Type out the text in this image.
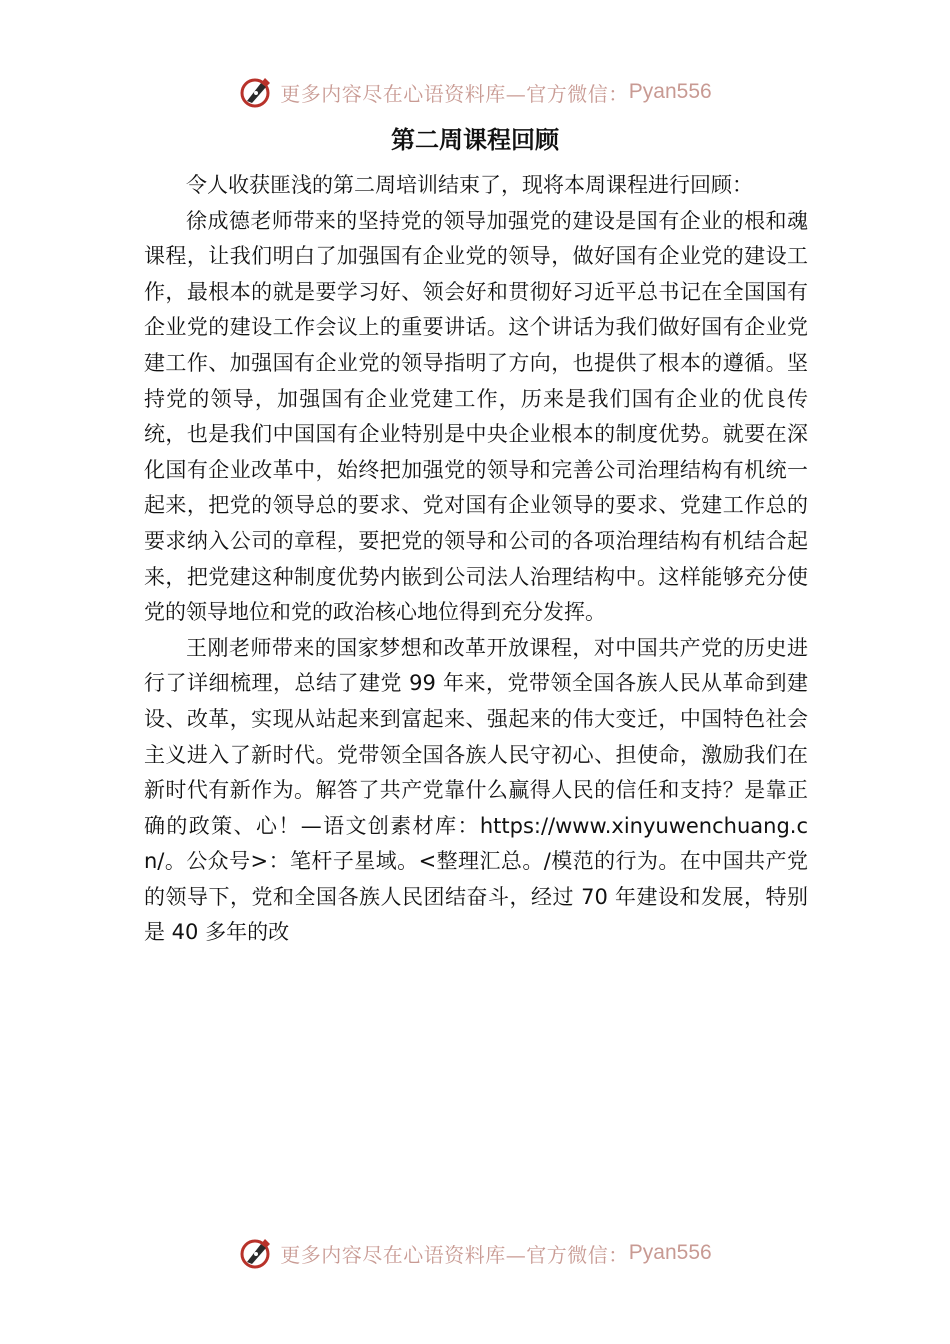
更多内容尽在心语资料库—官方微信： Pyan556
第二周课程回顾

令人收获匪浅的第二周培训结束了，现将本周课程进行回顾：

徐成德老师带来的坚持党的领导加强党的建设是国有企业的根和魂课程，让我们明白了加强国有企业党的领导，做好国有企业党的建设工作，最根本的就是要学习好、领会好和贯彻好习近平总书记在全国国有企业党的建设工作会议上的重要讲话。这个讲话为我们做好国有企业党建工作、加强国有企业党的领导指明了方向，也提供了根本的遵循。坚持党的领导，加强国有企业党建工作，历来是我们国有企业的优良传统，也是我们中国国有企业特别是中央企业根本的制度优势。就要在深化国有企业改革中，始终把加强党的领导和完善公司治理结构有机统一起来，把党的领导总的要求、党对国有企业领导的要求、党建工作总的要求纳入公司的章程，要把党的领导和公司的各项治理结构有机结合起来，把党建这种制度优势内嵌到公司法人治理结构中。这样能够充分使党的领导地位和党的政治核心地位得到充分发挥。

王刚老师带来的国家梦想和改革开放课程，对中国共产党的历史进行了详细梳理，总结了建党 99 年来，党带领全国各族人民从革命到建设、改革，实现从站起来到富起来、强起来的伟大变迁，中国特色社会主义进入了新时代。党带领全国各族人民守初心、担使命，激励我们在新时代有新作为。解答了共产党靠什么赢得人民的信任和支持？是靠正确的政策、心！—语文创素材库：https://www.xinyuwenchuang.cn/。公众号>：笔杆子星域。<整理汇总。/模范的行为。在中国共产党的领导下，党和全国各族人民团结奋斗，经过 70 年建设和发展，特别是 40 多年的改

更多内容尽在心语资料库—官方微信： Pyan556
